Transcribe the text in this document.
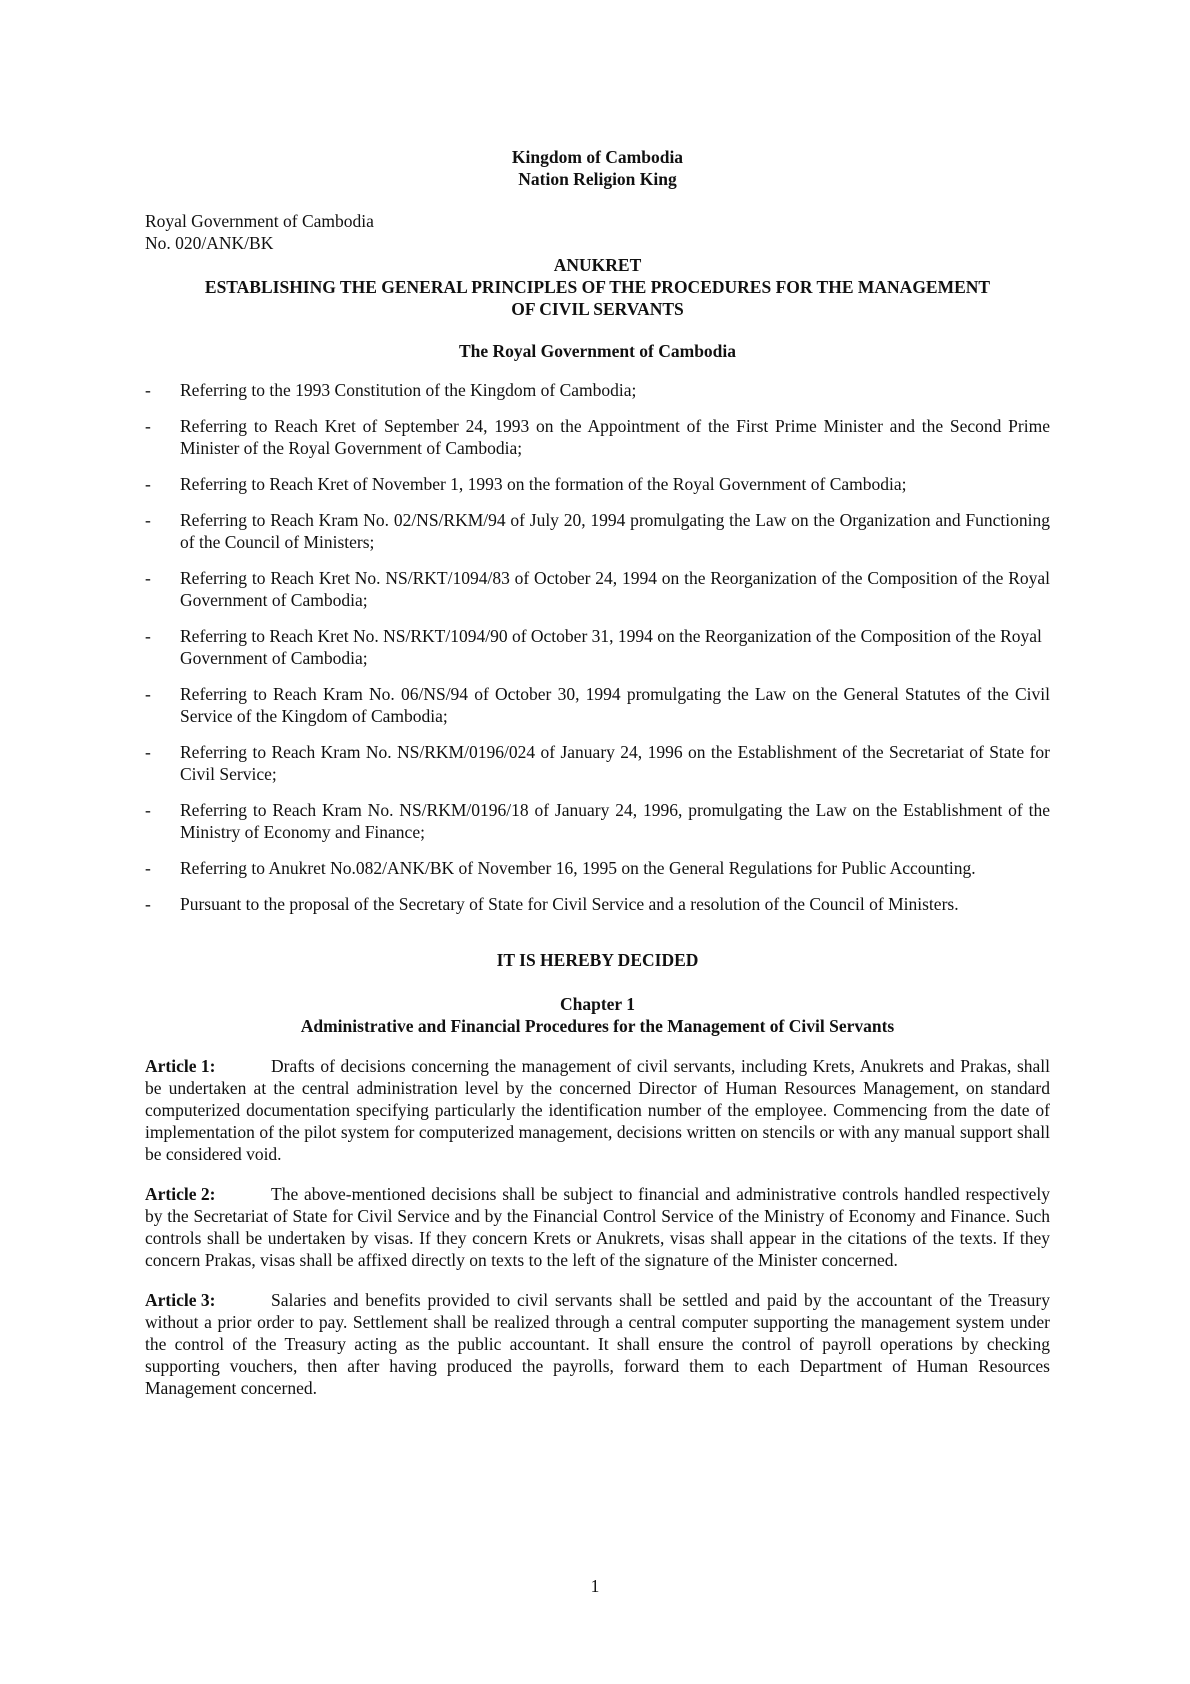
Kingdom of Cambodia
Nation Religion King
Royal Government of Cambodia
No. 020/ANK/BK
ANUKRET
ESTABLISHING THE GENERAL PRINCIPLES OF THE PROCEDURES FOR THE MANAGEMENT
OF CIVIL SERVANTS
The Royal Government of Cambodia
- Referring to the 1993 Constitution of the Kingdom of Cambodia;
- Referring to Reach Kret of September 24, 1993 on the Appointment of the First Prime Minister and the Second Prime Minister of the Royal Government of Cambodia;
- Referring to Reach Kret of November 1, 1993 on the formation of the Royal Government of Cambodia;
- Referring to Reach Kram No. 02/NS/RKM/94 of July 20, 1994 promulgating the Law on the Organization and Functioning of the Council of Ministers;
- Referring to Reach Kret No. NS/RKT/1094/83 of October 24, 1994 on the Reorganization of the Composition of the Royal Government of Cambodia;
- Referring to Reach Kret No. NS/RKT/1094/90 of October 31, 1994 on the Reorganization of the Composition of the Royal Government of Cambodia;
- Referring to Reach Kram No. 06/NS/94 of October 30, 1994 promulgating the Law on the General Statutes of the Civil Service of the Kingdom of Cambodia;
- Referring to Reach Kram No. NS/RKM/0196/024 of January 24, 1996 on the Establishment of the Secretariat of State for Civil Service;
- Referring to Reach Kram No. NS/RKM/0196/18 of January 24, 1996, promulgating the Law on the Establishment of the Ministry of Economy and Finance;
- Referring to Anukret No.082/ANK/BK of November 16, 1995 on the General Regulations for Public Accounting.
- Pursuant to the proposal of the Secretary of State for Civil Service and a resolution of the Council of Ministers.
IT IS HEREBY DECIDED
Chapter 1
Administrative and Financial Procedures for the Management of Civil Servants

Article 1:	Drafts of decisions concerning the management of civil servants, including Krets, Anukrets and Prakas, shall be undertaken at the central administration level by the concerned Director of Human Resources Management, on standard computerized documentation specifying particularly the identification number of the employee. Commencing from the date of implementation of the pilot system for computerized management, decisions written on stencils or with any manual support shall be considered void.

Article 2:	The above-mentioned decisions shall be subject to financial and administrative controls handled respectively by the Secretariat of State for Civil Service and by the Financial Control Service of the Ministry of Economy and Finance. Such controls shall be undertaken by visas. If they concern Krets or Anukrets, visas shall appear in the citations of the texts. If they concern Prakas, visas shall be affixed directly on texts to the left of the signature of the Minister concerned.

Article 3:	Salaries and benefits provided to civil servants shall be settled and paid by the accountant of the Treasury without a prior order to pay. Settlement shall be realized through a central computer supporting the management system under the control of the Treasury acting as the public accountant. It shall ensure the control of payroll operations by checking supporting vouchers, then after having produced the payrolls, forward them to each Department of Human Resources Management concerned.

1
